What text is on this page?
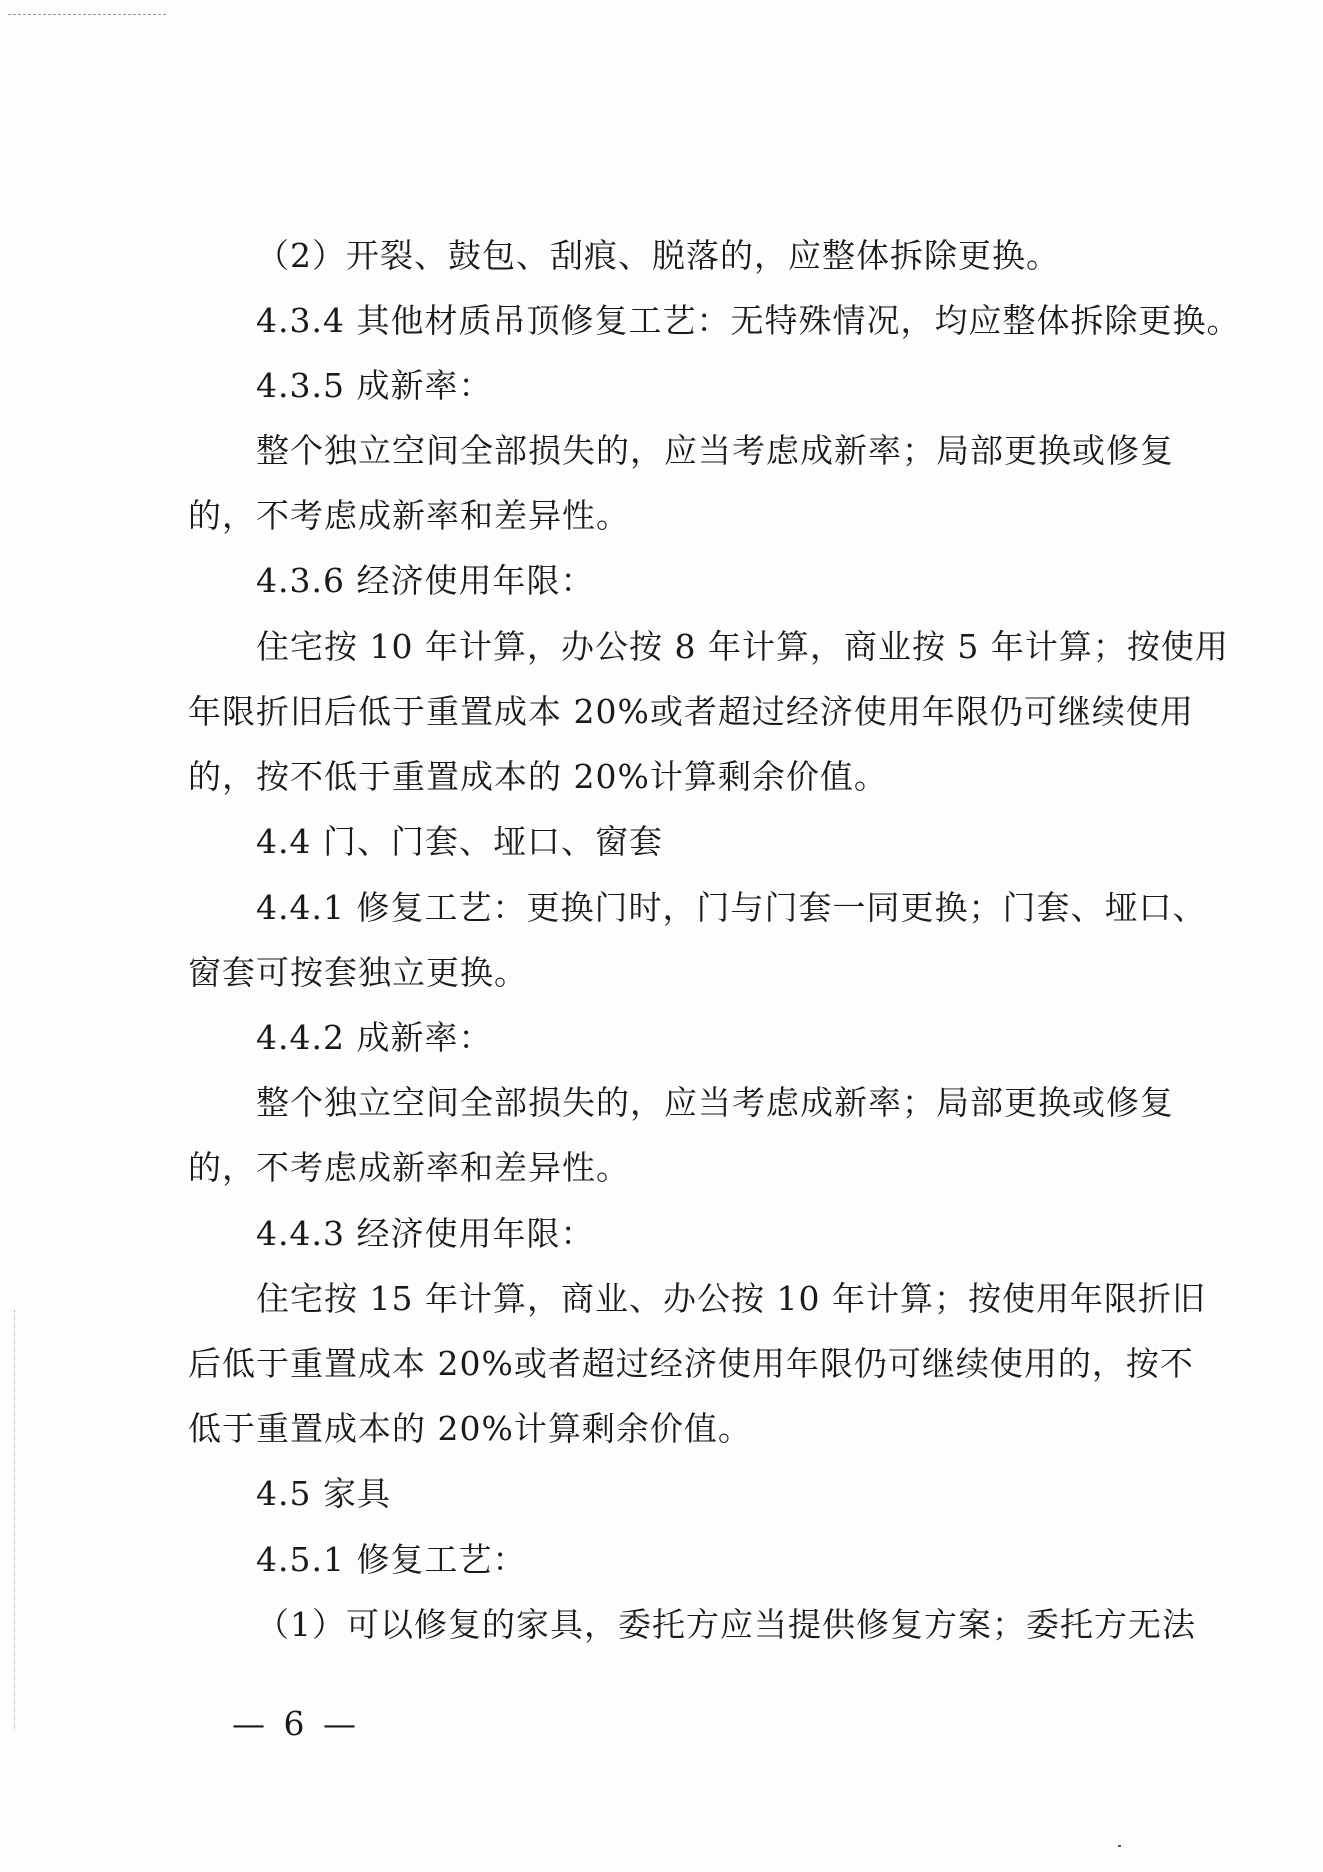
（2）开裂、鼓包、刮痕、脱落的，应整体拆除更换。
4.3.4 其他材质吊顶修复工艺：无特殊情况，均应整体拆除更换。
4.3.5 成新率：
整个独立空间全部损失的，应当考虑成新率；局部更换或修复
的，不考虑成新率和差异性。
4.3.6 经济使用年限：
住宅按 10 年计算，办公按 8 年计算，商业按 5 年计算；按使用
年限折旧后低于重置成本 20%或者超过经济使用年限仍可继续使用
的，按不低于重置成本的 20%计算剩余价值。
4.4 门、门套、垭口、窗套
4.4.1 修复工艺：更换门时，门与门套一同更换；门套、垭口、
窗套可按套独立更换。
4.4.2 成新率：
整个独立空间全部损失的，应当考虑成新率；局部更换或修复
的，不考虑成新率和差异性。
4.4.3 经济使用年限：
住宅按 15 年计算，商业、办公按 10 年计算；按使用年限折旧
后低于重置成本 20%或者超过经济使用年限仍可继续使用的，按不
低于重置成本的 20%计算剩余价值。
4.5 家具
4.5.1 修复工艺：
（1）可以修复的家具，委托方应当提供修复方案；委托方无法
— 6 —
